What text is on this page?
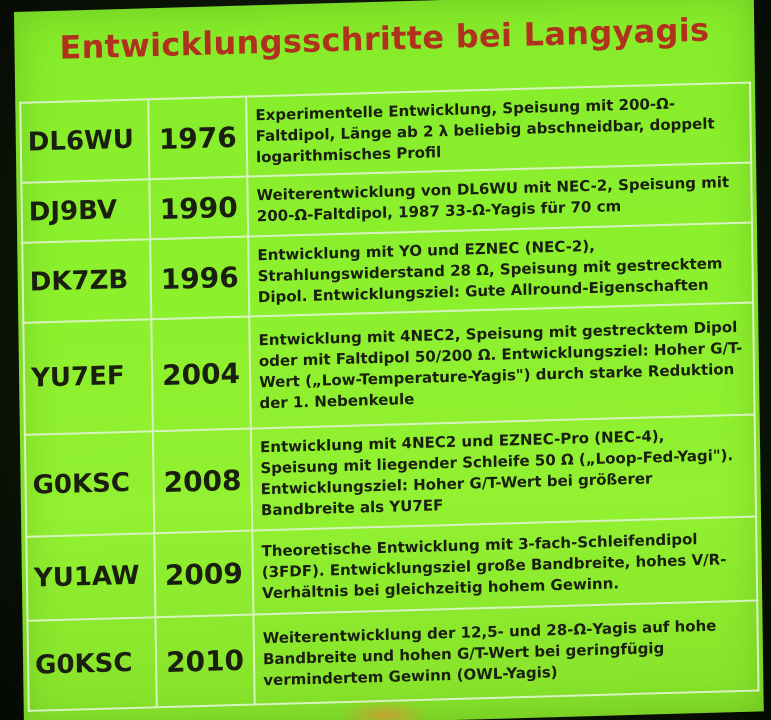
Entwicklungsschritte bei Langyagis
DL6WU	1976	Experimentelle Entwicklung, Speisung mit 200-Ω-Faltdipol, Länge ab 2 λ beliebig abschneidbar, doppelt logarithmisches Profil
DJ9BV	1990	Weiterentwicklung von DL6WU mit NEC-2, Speisung mit 200-Ω-Faltdipol, 1987 33-Ω-Yagis für 70 cm
DK7ZB	1996	Entwicklung mit YO und EZNEC (NEC-2), Strahlungswiderstand 28 Ω, Speisung mit gestrecktem Dipol. Entwicklungsziel: Gute Allround-Eigenschaften
YU7EF	2004	Entwicklung mit 4NEC2, Speisung mit gestrecktem Dipol oder mit Faltdipol 50/200 Ω. Entwicklungsziel: Hoher G/T-Wert („Low-Temperature-Yagis") durch starke Reduktion der 1. Nebenkeule
G0KSC	2008	Entwicklung mit 4NEC2 und EZNEC-Pro (NEC-4), Speisung mit liegender Schleife 50 Ω („Loop-Fed-Yagi"). Entwicklungsziel: Hoher G/T-Wert bei größerer Bandbreite als YU7EF
YU1AW	2009	Theoretische Entwicklung mit 3-fach-Schleifendipol (3FDF). Entwicklungsziel große Bandbreite, hohes V/R-Verhältnis bei gleichzeitig hohem Gewinn.
G0KSC	2010	Weiterentwicklung der 12,5- und 28-Ω-Yagis auf hohe Bandbreite und hohen G/T-Wert bei geringfügig vermindertem Gewinn (OWL-Yagis)
